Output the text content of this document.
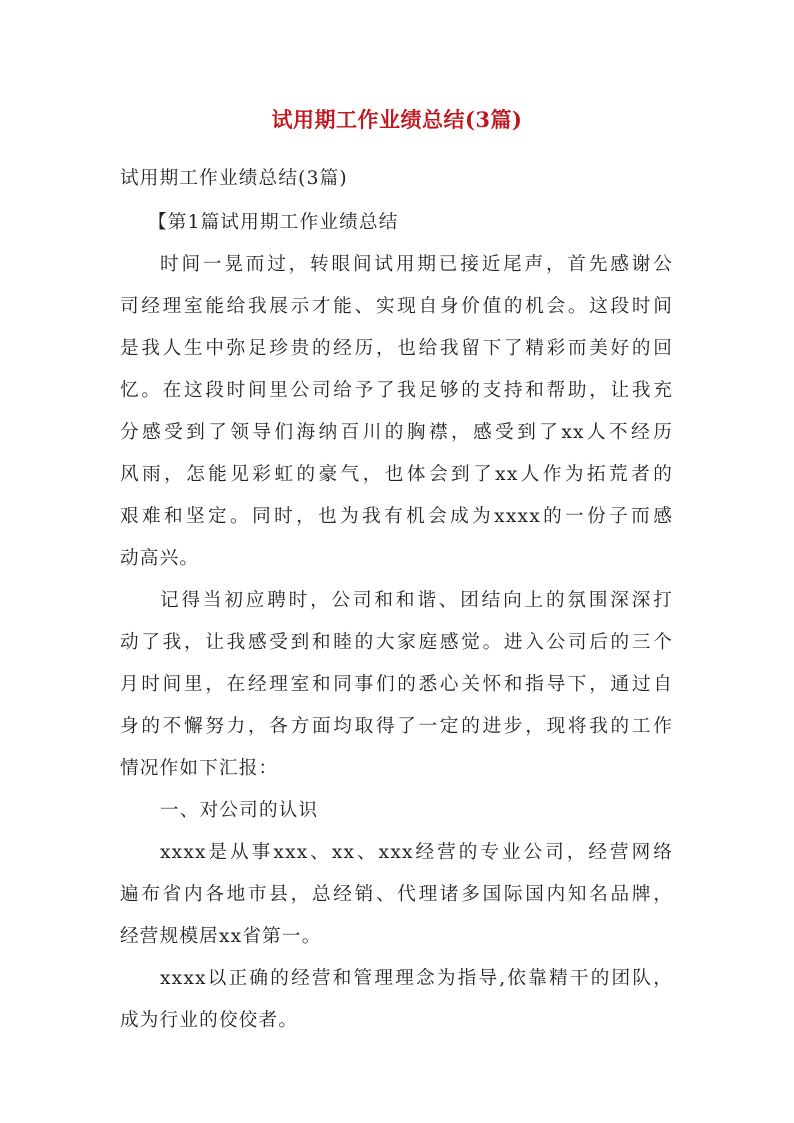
试用期工作业绩总结(3篇)
试用期工作业绩总结(3篇)
【第1篇试用期工作业绩总结
时间一晃而过，转眼间试用期已接近尾声，首先感谢公
司经理室能给我展示才能、实现自身价值的机会。这段时间
是我人生中弥足珍贵的经历，也给我留下了精彩而美好的回
忆。在这段时间里公司给予了我足够的支持和帮助，让我充
分感受到了领导们海纳百川的胸襟，感受到了xx人不经历
风雨，怎能见彩虹的豪气，也体会到了xx人作为拓荒者的
艰难和坚定。同时，也为我有机会成为xxxx的一份子而感
动高兴。
记得当初应聘时，公司和和谐、团结向上的氛围深深打
动了我，让我感受到和睦的大家庭感觉。进入公司后的三个
月时间里，在经理室和同事们的悉心关怀和指导下，通过自
身的不懈努力，各方面均取得了一定的进步，现将我的工作
情况作如下汇报：
一、对公司的认识
xxxx是从事xxx、xx、xxx经营的专业公司，经营网络
遍布省内各地市县，总经销、代理诸多国际国内知名品牌，
经营规模居xx省第一。
xxxx以正确的经营和管理理念为指导,依靠精干的团队，
成为行业的佼佼者。
